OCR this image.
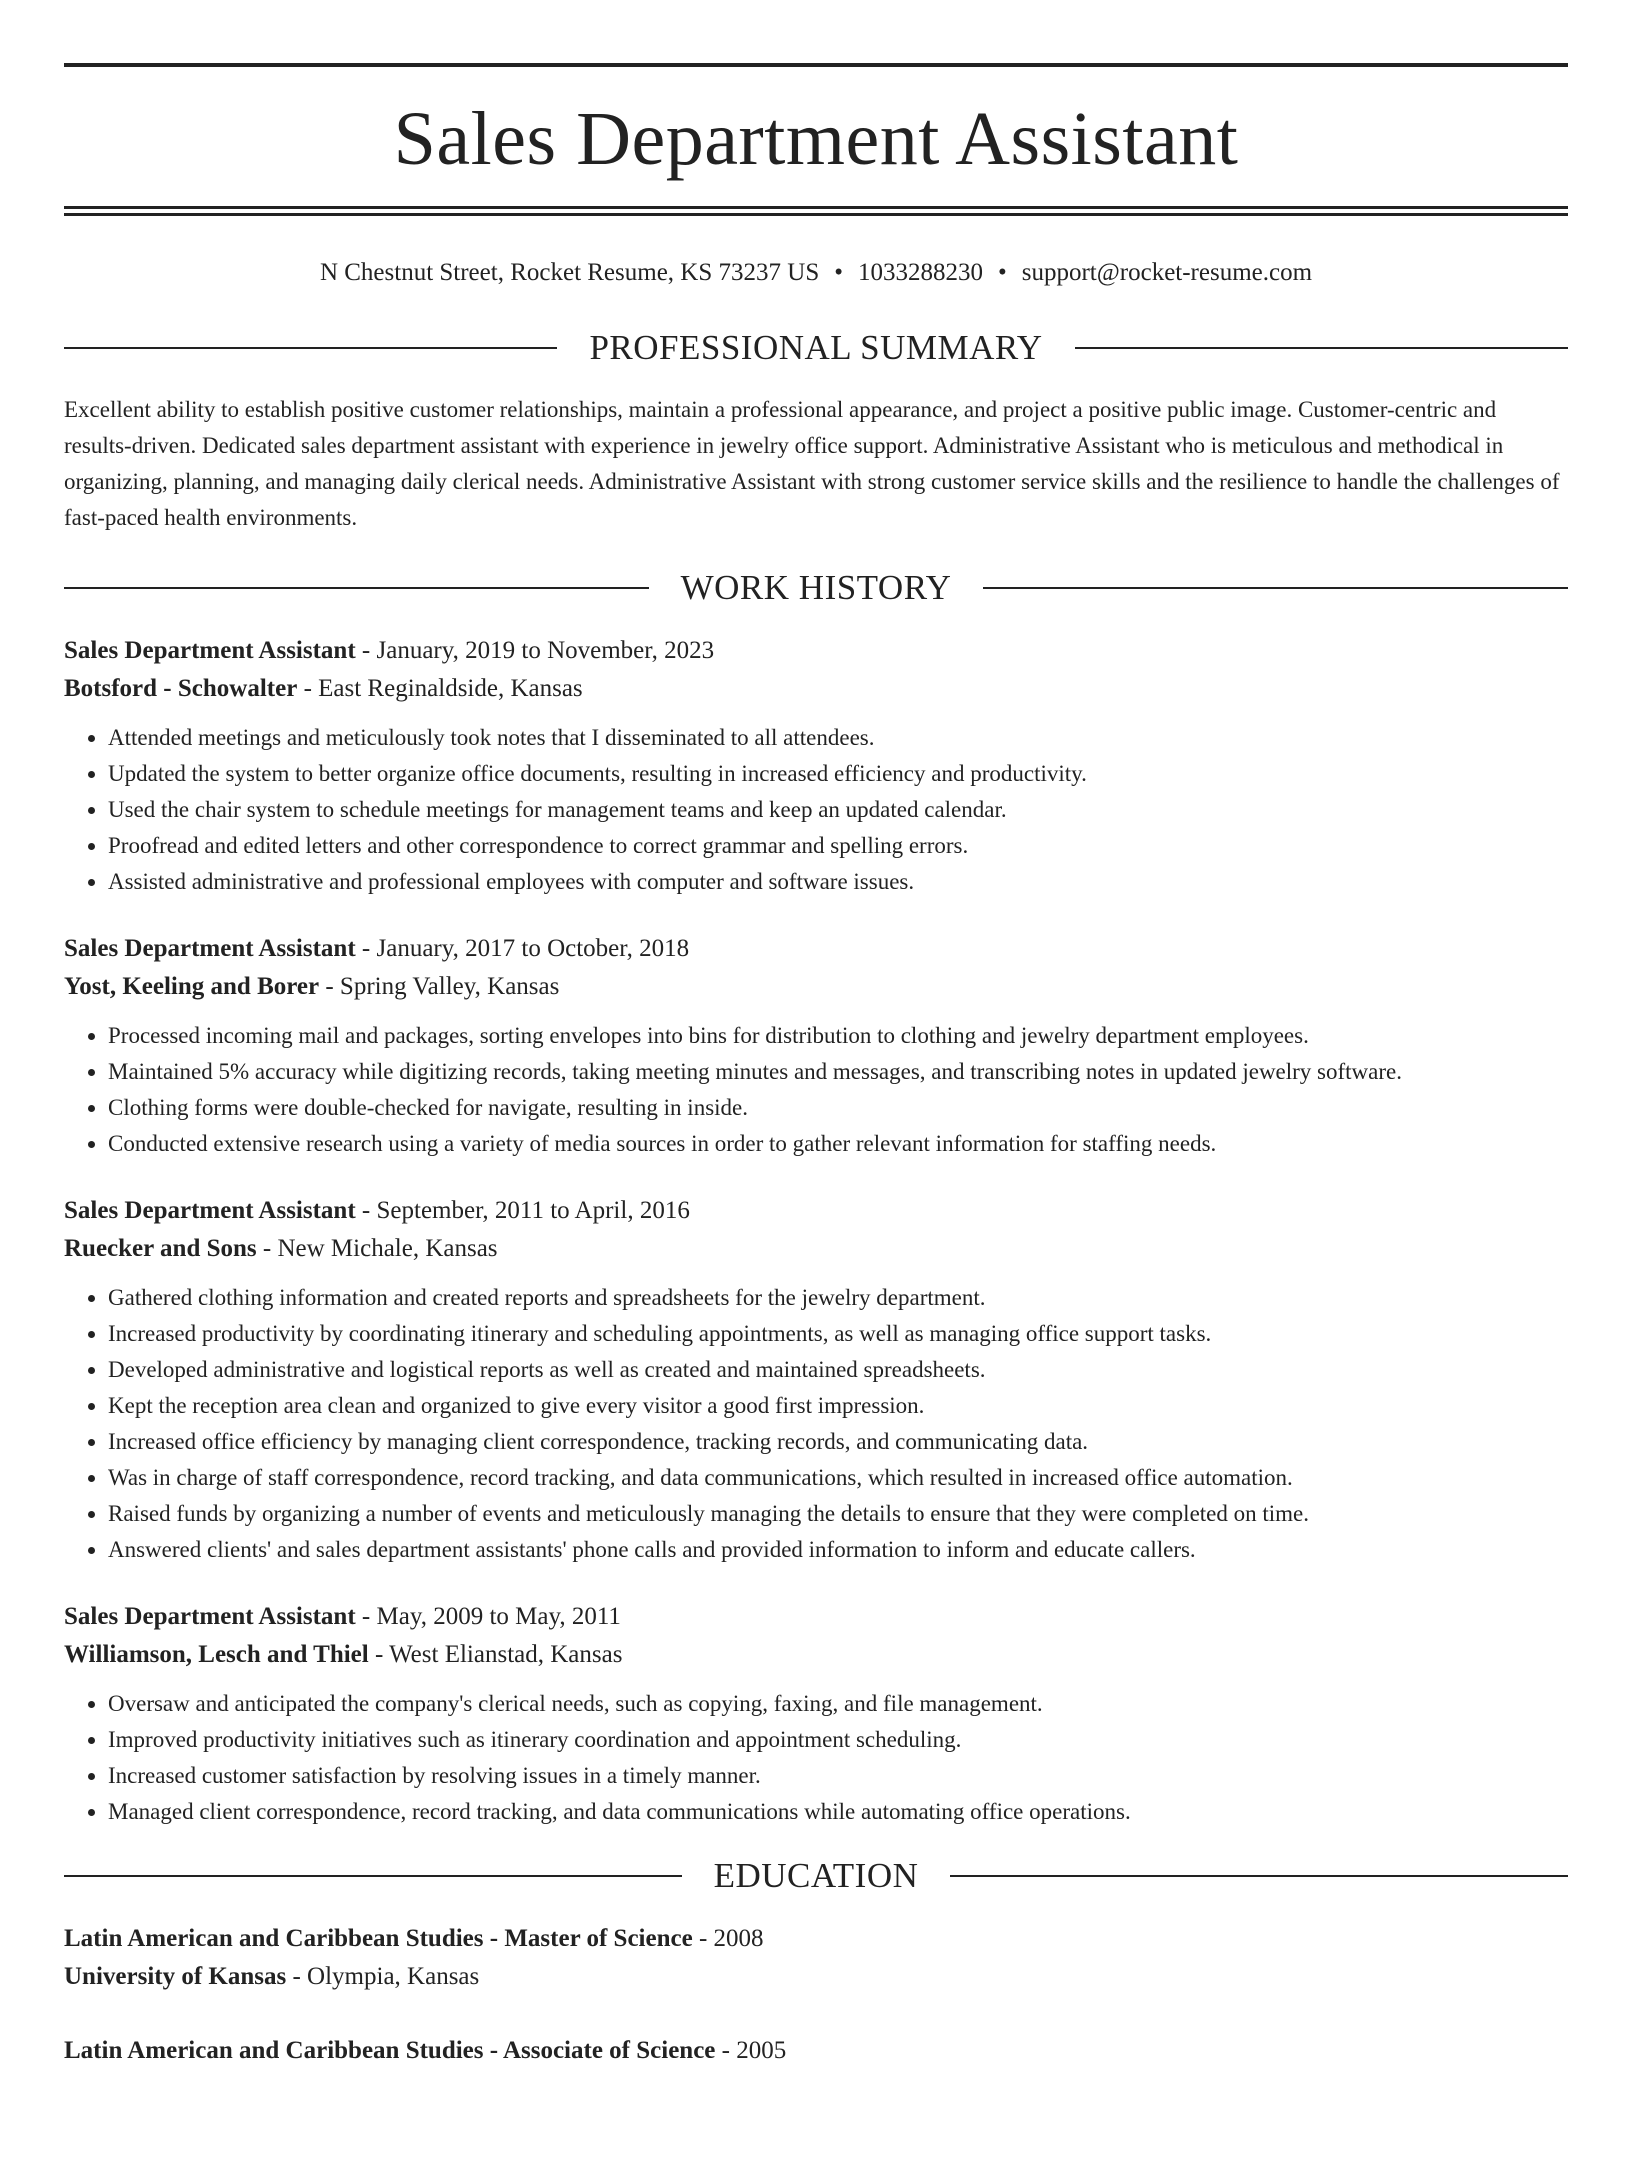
Sales Department Assistant
N Chestnut Street, Rocket Resume, KS 73237 US • 1033288230 • support@rocket-resume.com
PROFESSIONAL SUMMARY

Excellent ability to establish positive customer relationships, maintain a professional appearance, and project a positive public image. Customer-centric and results-driven. Dedicated sales department assistant with experience in jewelry office support. Administrative Assistant who is meticulous and methodical in organizing, planning, and managing daily clerical needs. Administrative Assistant with strong customer service skills and the resilience to handle the challenges of fast-paced health environments.

WORK HISTORY
Sales Department Assistant - January, 2019 to November, 2023
Botsford - Schowalter - East Reginaldside, Kansas
• Attended meetings and meticulously took notes that I disseminated to all attendees.
• Updated the system to better organize office documents, resulting in increased efficiency and productivity.
• Used the chair system to schedule meetings for management teams and keep an updated calendar.
• Proofread and edited letters and other correspondence to correct grammar and spelling errors.
• Assisted administrative and professional employees with computer and software issues.
Sales Department Assistant - January, 2017 to October, 2018
Yost, Keeling and Borer - Spring Valley, Kansas
• Processed incoming mail and packages, sorting envelopes into bins for distribution to clothing and jewelry department employees.
• Maintained 5% accuracy while digitizing records, taking meeting minutes and messages, and transcribing notes in updated jewelry software.
• Clothing forms were double-checked for navigate, resulting in inside.
• Conducted extensive research using a variety of media sources in order to gather relevant information for staffing needs.
Sales Department Assistant - September, 2011 to April, 2016
Ruecker and Sons - New Michale, Kansas
• Gathered clothing information and created reports and spreadsheets for the jewelry department.
• Increased productivity by coordinating itinerary and scheduling appointments, as well as managing office support tasks.
• Developed administrative and logistical reports as well as created and maintained spreadsheets.
• Kept the reception area clean and organized to give every visitor a good first impression.
• Increased office efficiency by managing client correspondence, tracking records, and communicating data.
• Was in charge of staff correspondence, record tracking, and data communications, which resulted in increased office automation.
• Raised funds by organizing a number of events and meticulously managing the details to ensure that they were completed on time.
• Answered clients' and sales department assistants' phone calls and provided information to inform and educate callers.
Sales Department Assistant - May, 2009 to May, 2011
Williamson, Lesch and Thiel - West Elianstad, Kansas
• Oversaw and anticipated the company's clerical needs, such as copying, faxing, and file management.
• Improved productivity initiatives such as itinerary coordination and appointment scheduling.
• Increased customer satisfaction by resolving issues in a timely manner.
• Managed client correspondence, record tracking, and data communications while automating office operations.
EDUCATION
Latin American and Caribbean Studies - Master of Science - 2008
University of Kansas - Olympia, Kansas
Latin American and Caribbean Studies - Associate of Science - 2005
